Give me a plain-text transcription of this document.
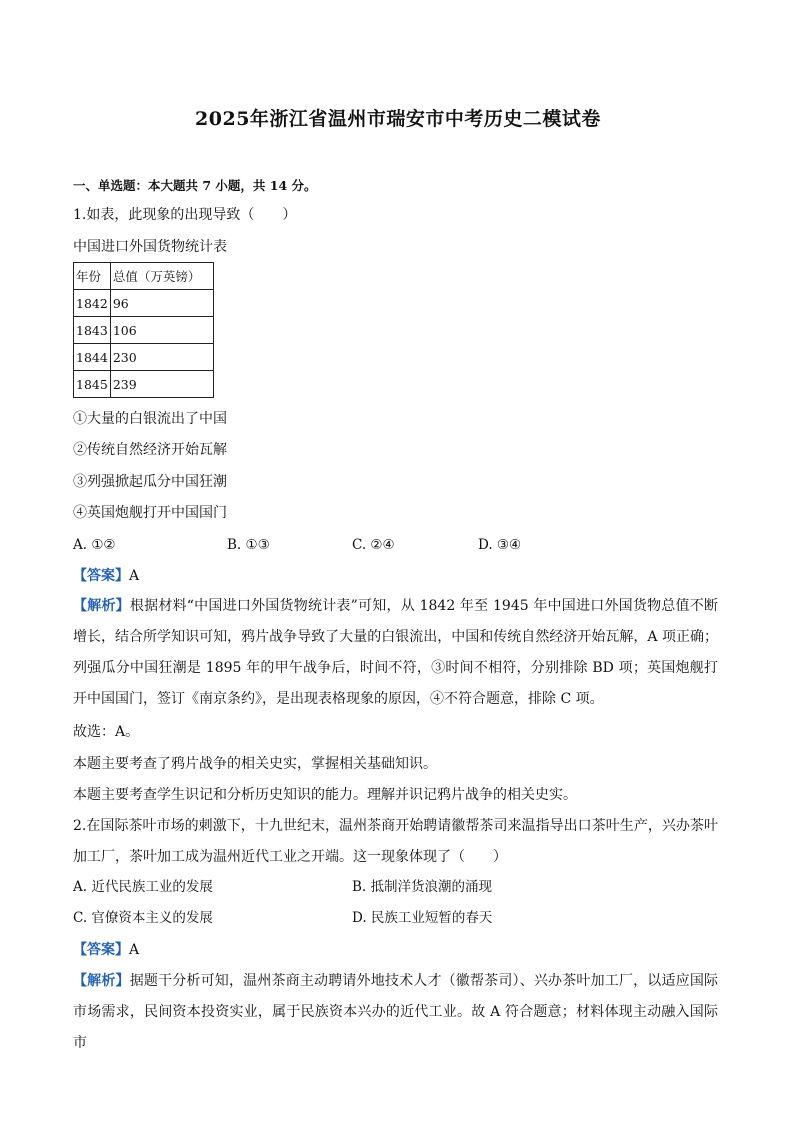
2025年浙江省温州市瑞安市中考历史二模试卷
一、单选题：本大题共 7 小题，共 14 分。
1.如表，此现象的出现导致（　　）
中国进口外国货物统计表
年份	总值（万英镑）
1842	96
1843	106
1844	230
1845	239
①大量的白银流出了中国
②传统自然经济开始瓦解
③列强掀起瓜分中国狂潮
④英国炮舰打开中国国门
A. ①②	B. ①③	C. ②④	D. ③④
【答案】A
【解析】根据材料“中国进口外国货物统计表”可知，从 1842 年至 1945 年中国进口外国货物总值不断增长，结合所学知识可知，鸦片战争导致了大量的白银流出，中国和传统自然经济开始瓦解，A 项正确；列强瓜分中国狂潮是 1895 年的甲午战争后，时间不符，③时间不相符，分别排除 BD 项；英国炮舰打开中国国门，签订《南京条约》，是出现表格现象的原因，④不符合题意，排除 C 项。
故选：A。
本题主要考查了鸦片战争的相关史实，掌握相关基础知识。
本题主要考查学生识记和分析历史知识的能力。理解并识记鸦片战争的相关史实。
2.在国际茶叶市场的刺激下，十九世纪末，温州茶商开始聘请徽帮茶司来温指导出口茶叶生产，兴办茶叶加工厂，茶叶加工成为温州近代工业之开端。这一现象体现了（　　）
A. 近代民族工业的发展	B. 抵制洋货浪潮的涌现
C. 官僚资本主义的发展	D. 民族工业短暂的春天
【答案】A
【解析】据题干分析可知，温州茶商主动聘请外地技术人才（徽帮茶司）、兴办茶叶加工厂，以适应国际市场需求，民间资本投资实业，属于民族资本兴办的近代工业。故 A 符合题意；材料体现主动融入国际市
